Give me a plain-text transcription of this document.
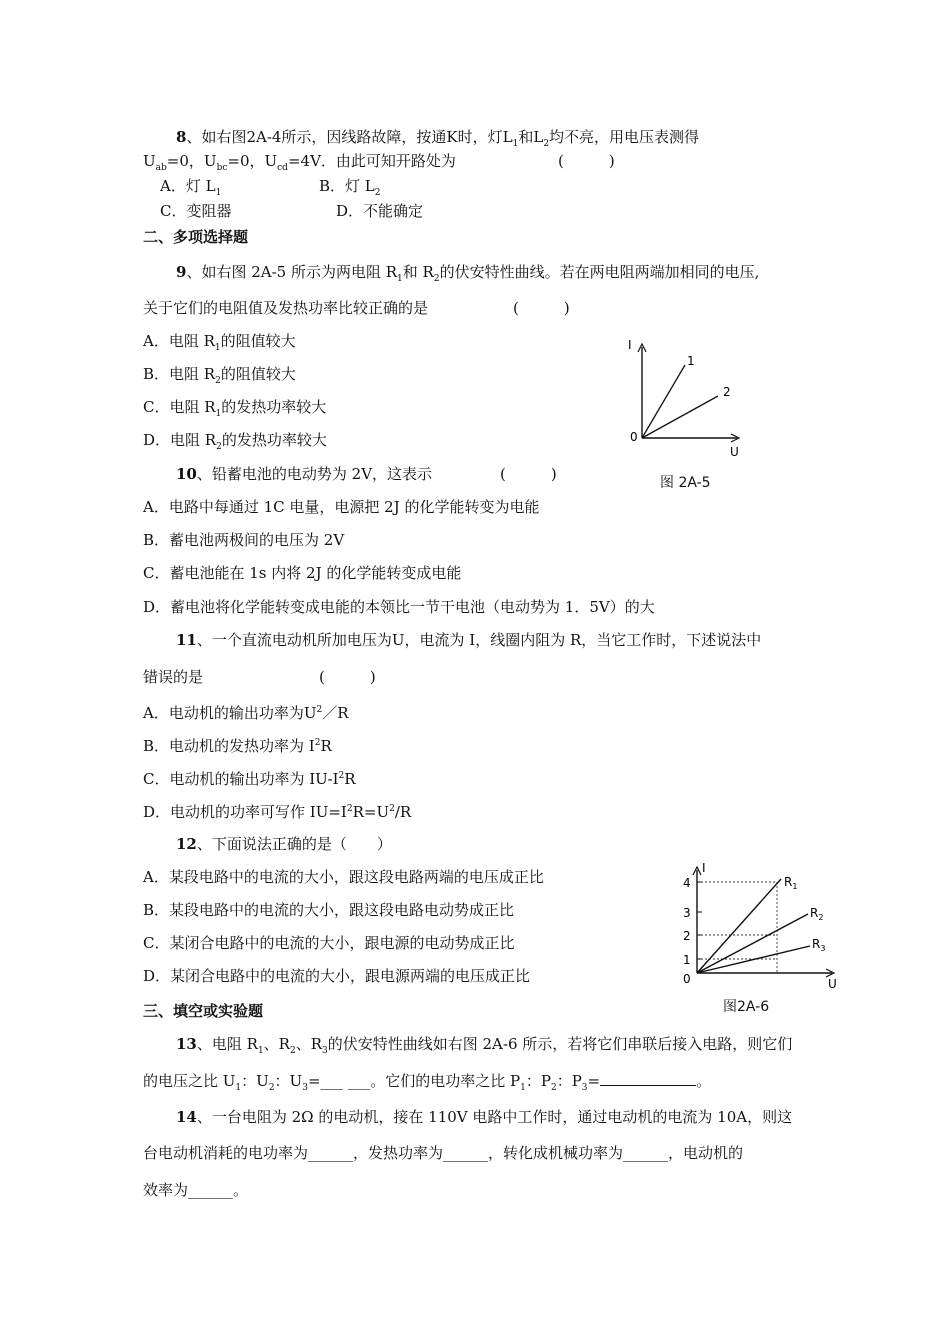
8、如右图2A-4所示，因线路故障，按通K时，灯$L_1$和$L_2$均不亮，用电压表测得
$U_{ab}=0$，$U_{bc}=0$，$U_{cd}=4V$．由此可知开路处为	(　　　)
A．灯 $L_1$	B．灯 $L_2$
C．变阻器	D．不能确定
二、多项选择题
9、如右图 2A-5 所示为两电阻 $R_1$和 $R_2$的伏安特性曲线。若在两电阻两端加相同的电压,
关于它们的电阻值及发热功率比较正确的是	(　　　)
A．电阻 $R_1$的阻值较大
B．电阻 $R_2$的阻值较大
C．电阻 $R_1$的发热功率较大
D．电阻 $R_2$的发热功率较大
I
0
U
1
2
图 2A-5
10、铅蓄电池的电动势为 2V，这表示	(　　　)
A．电路中每通过 1C 电量，电源把 2J 的化学能转变为电能
B．蓄电池两极间的电压为 2V
C．蓄电池能在 1s 内将 2J 的化学能转变成电能
D．蓄电池将化学能转变成电能的本领比一节干电池（电动势为 1．5V）的大
11、一个直流电动机所加电压为U，电流为 I，线圈内阻为 R，当它工作时，下述说法中
错误的是	(　　　)
A．电动机的输出功率为$U^2/R$
B．电动机的发热功率为 $I^2R$
C．电动机的输出功率为 $IU-I^2R$
D．电动机的功率可写作 $IU=I^2R=U^2/R$
12、下面说法正确的是（　　）
A．某段电路中的电流的大小，跟这段电路两端的电压成正比
B．某段电路中的电流的大小，跟这段电路电动势成正比
C．某闭合电路中的电流的大小，跟电源的电动势成正比
D．某闭合电路中的电流的大小，跟电源两端的电压成正比
I
4
3
2
1
0	U
$R_1$
$R_2$
$R_3$
图2A-6
三、填空或实验题
13、电阻 $R_1$、$R_2$、$R_3$的伏安特性曲线如右图 2A-6 所示，若将它们串联后接入电路，则它们
的电压之比 $U_1$：$U_2$：$U_3=\_\_\_$ ___。它们的电功率之比 $P_1$：$P_2$：$P_3=$	。
14、一台电阻为 2Ω 的电动机，接在 110V 电路中工作时，通过电动机的电流为 10A，则这
台电动机消耗的电功率为______，发热功率为______，转化成机械功率为______，电动机的
效率为______。
